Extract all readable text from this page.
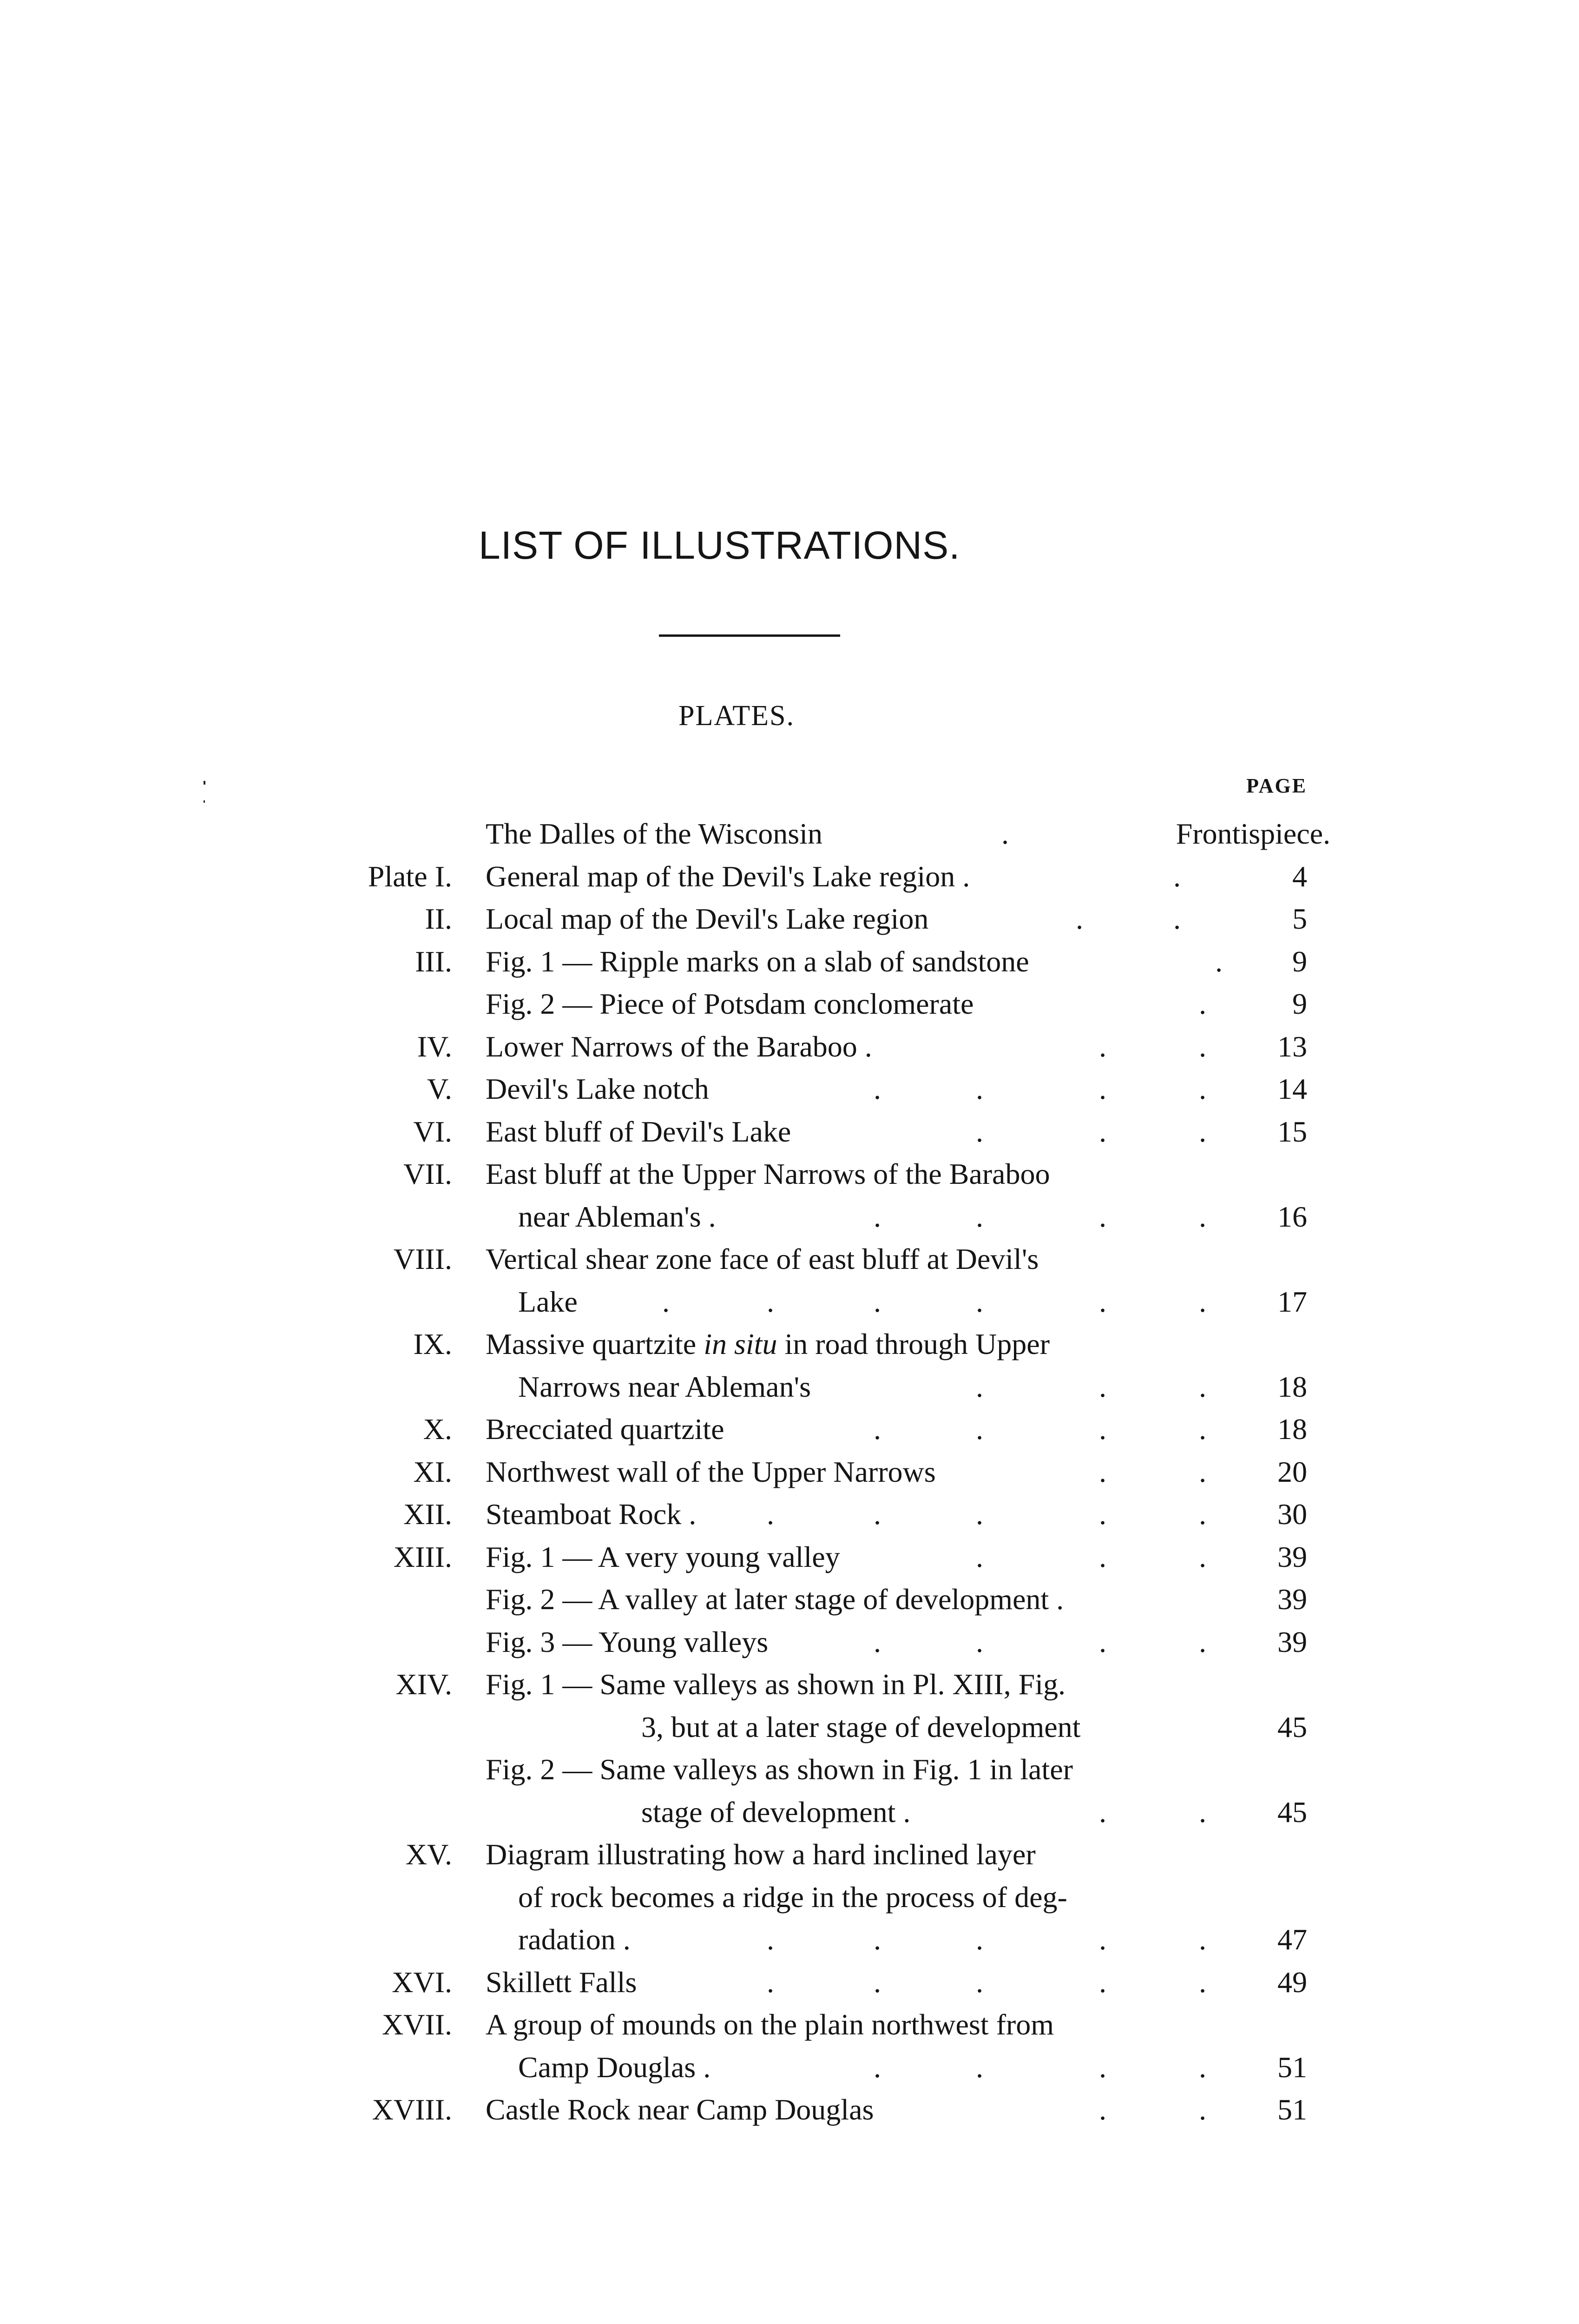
LIST OF ILLUSTRATIONS.
PLATES.
PAGE
The Dalles of the Wisconsin	.	Frontispiece.
Plate I. General map of the Devil's Lake region .	.	4
II. Local map of the Devil's Lake region	.	.	5
III. Fig. 1 — Ripple marks on a slab of sandstone	. 9
Fig. 2 — Piece of Potsdam conclomerate	.	9
IV. Lower Narrows of the Baraboo .	.	. 13
V. Devil's Lake notch	.	.	.	. 14
VI. East bluff of Devil's Lake	.	.	. 15
VII. East bluff at the Upper Narrows of the Baraboo
near Ableman's .	.	.	.	. 16
VIII. Vertical shear zone face of east bluff at Devil's
Lake	.	.	.	.	.	. 17
IX. Massive quartzite in situ in road through Upper
Narrows near Ableman's	.	.	. 18
X. Brecciated quartzite	.	.	.	. 18
XI. Northwest wall of the Upper Narrows	.	. 20
XII. Steamboat Rock . .	.	.	.	. 30
XIII. Fig. 1 — A very young valley	.	.	. 39
Fig. 2 — A valley at later stage of development .	39
Fig. 3 — Young valleys	.	.	.	. 39
XIV. Fig. 1 — Same valleys as shown in Pl. XIII, Fig.
3, but at a later stage of development	45
Fig. 2 — Same valleys as shown in Fig. 1 in later
stage of development .	.	. 45
XV. Diagram illustrating how a hard inclined layer
of rock becomes a ridge in the process of deg-
radation .	.	.	.	.	. 47
XVI. Skillett Falls	.	.	.	.	. 49
XVII. A group of mounds on the plain northwest from
Camp Douglas .	.	.	.	. 51
XVIII. Castle Rock near Camp Douglas	.	. 51
